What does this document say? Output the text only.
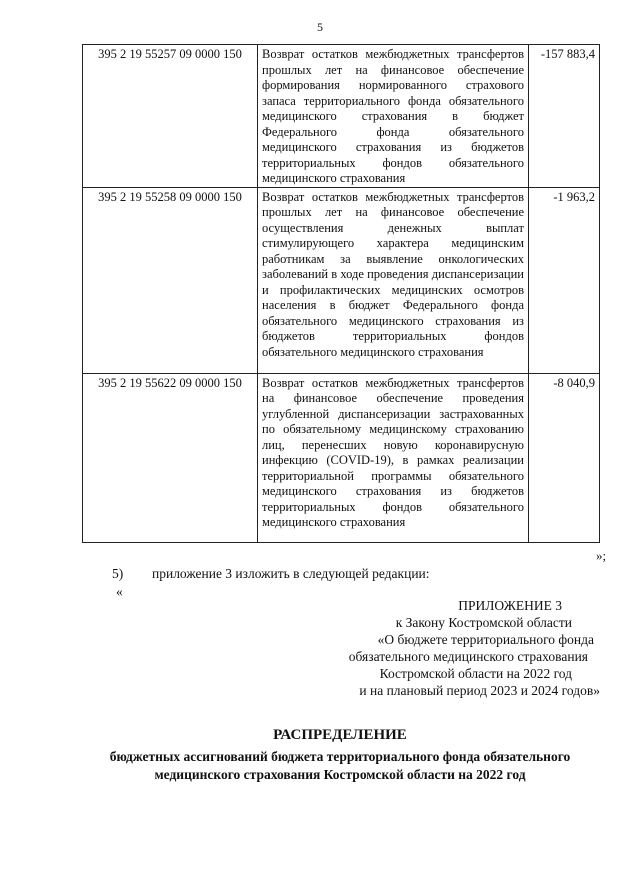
5
395 2 19 55257 09 0000 150	Возврат остатков межбюджетных трансфертов прошлых лет на финансовое обеспечение формирования нормированного страхового запаса территориального фонда обязательного медицинского страхования в бюджет Федерального фонда обязательного медицинского страхования из бюджетов территориальных фондов обязательного медицинского страхования	-157 883,4
395 2 19 55258 09 0000 150	Возврат остатков межбюджетных трансфертов прошлых лет на финансовое обеспечение осуществления денежных выплат стимулирующего характера медицинским работникам за выявление онкологических заболеваний в ходе проведения диспансеризации и профилактических медицинских осмотров населения в бюджет Федерального фонда обязательного медицинского страхования из бюджетов территориальных фондов обязательного медицинского страхования	-1 963,2
395 2 19 55622 09 0000 150	Возврат остатков межбюджетных трансфертов на финансовое обеспечение проведения углубленной диспансеризации застрахованных по обязательному медицинскому страхованию лиц, перенесших новую коронавирусную инфекцию (COVID-19), в рамках реализации территориальной программы обязательного медицинского страхования из бюджетов территориальных фондов обязательного медицинского страхования	-8 040,9
»;
5) приложение 3 изложить в следующей редакции:
«
ПРИЛОЖЕНИЕ 3
к Закону Костромской области
«О бюджете территориального фонда
обязательного медицинского страхования
Костромской области на 2022 год
и на плановый период 2023 и 2024 годов»
РАСПРЕДЕЛЕНИЕ
бюджетных ассигнований бюджета территориального фонда обязательного
медицинского страхования Костромской области на 2022 год
